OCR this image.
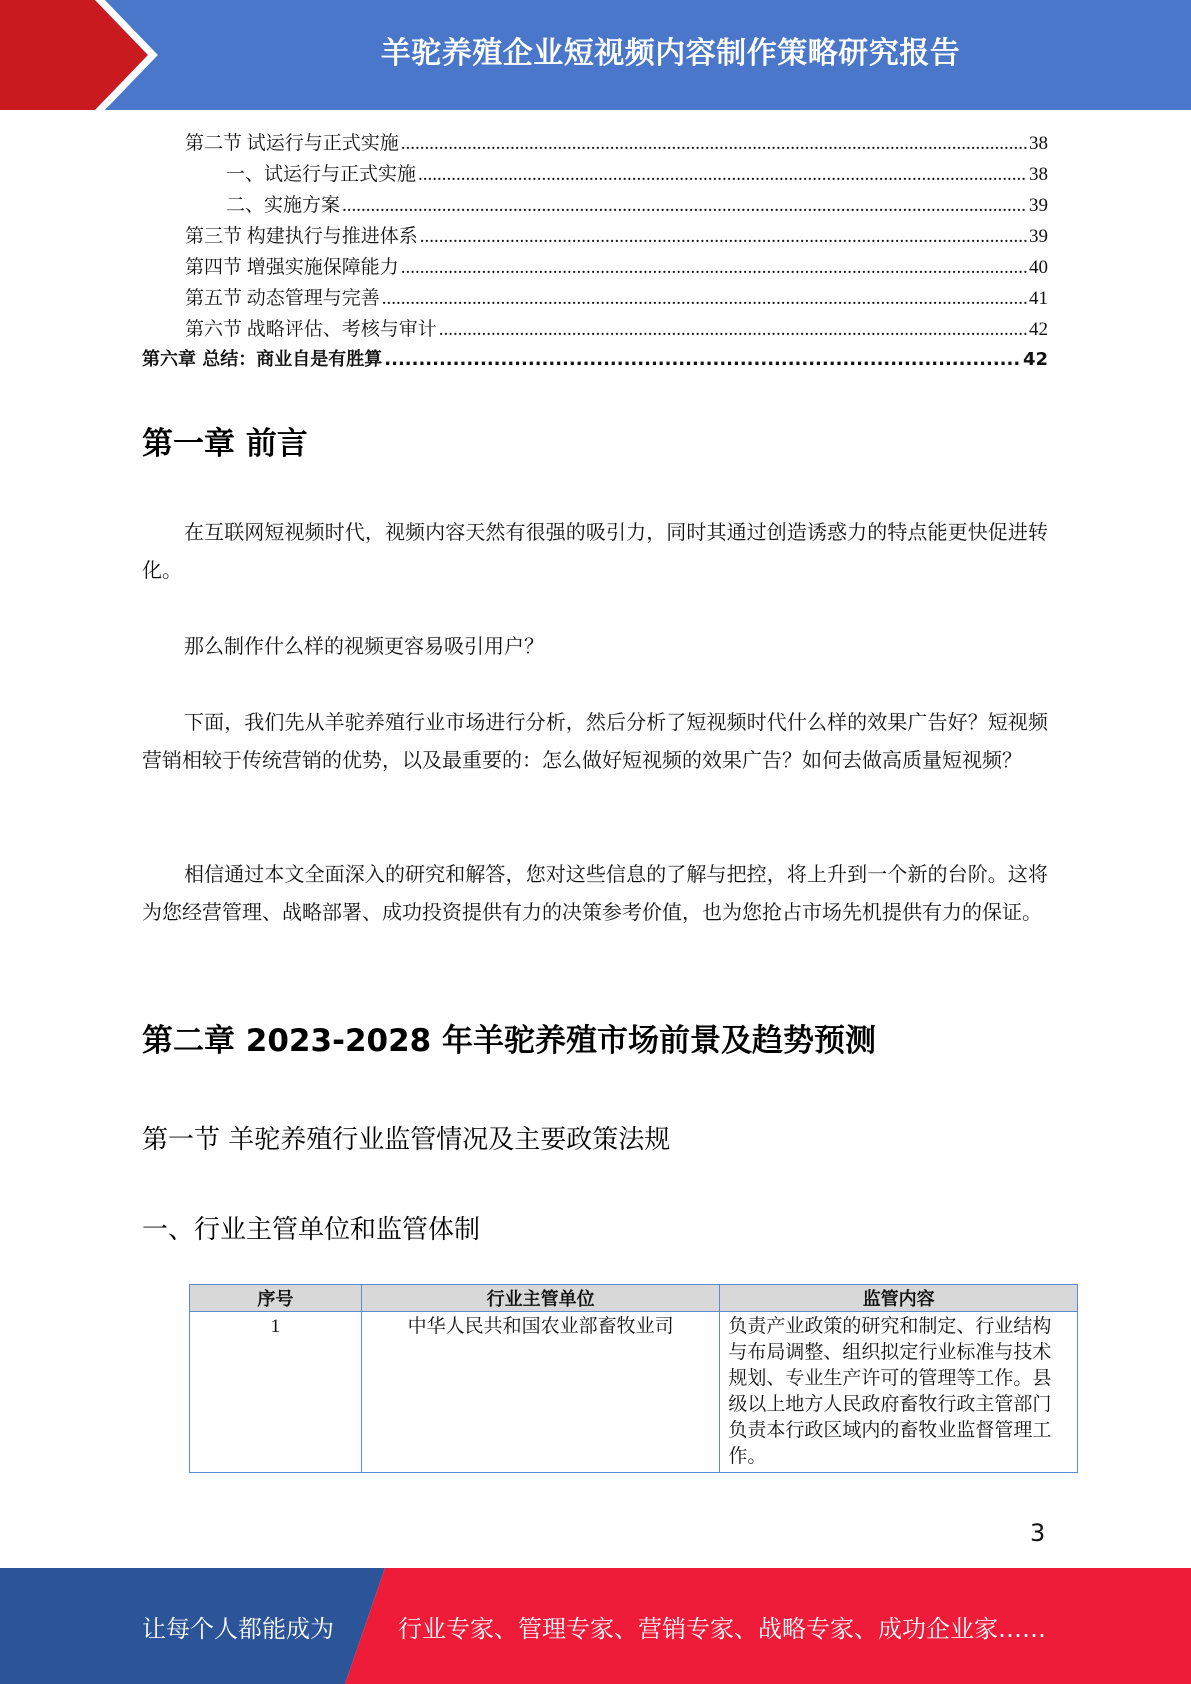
羊驼养殖企业短视频内容制作策略研究报告
第二节 试运行与正式实施 .....	38
一、试运行与正式实施 .....	38
二、实施方案 .....	39
第三节 构建执行与推进体系 .....	39
第四节 增强实施保障能力 .....	40
第五节 动态管理与完善 .....	41
第六节 战略评估、考核与审计 .....	42
第六章 总结：商业自是有胜算 .....	42
第一章 前言

在互联网短视频时代，视频内容天然有很强的吸引力，同时其通过创造诱惑力的特点能更快促进转化。

那么制作什么样的视频更容易吸引用户？

下面，我们先从羊驼养殖行业市场进行分析，然后分析了短视频时代什么样的效果广告好？短视频营销相较于传统营销的优势，以及最重要的：怎么做好短视频的效果广告？如何去做高质量短视频？

相信通过本文全面深入的研究和解答，您对这些信息的了解与把控，将上升到一个新的台阶。这将为您经营管理、战略部署、成功投资提供有力的决策参考价值，也为您抢占市场先机提供有力的保证。

第二章 2023-2028 年羊驼养殖市场前景及趋势预测
第一节 羊驼养殖行业监管情况及主要政策法规
一、行业主管单位和监管体制
序号	行业主管单位	监管内容
1	中华人民共和国农业部畜牧业司	负责产业政策的研究和制定、行业结构与布局调整、组织拟定行业标准与技术规划、专业生产许可的管理等工作。县级以上地方人民政府畜牧行政主管部门负责本行政区域内的畜牧业监督管理工作。
3
让每个人都能成为	行业专家、管理专家、营销专家、战略专家、成功企业家……
